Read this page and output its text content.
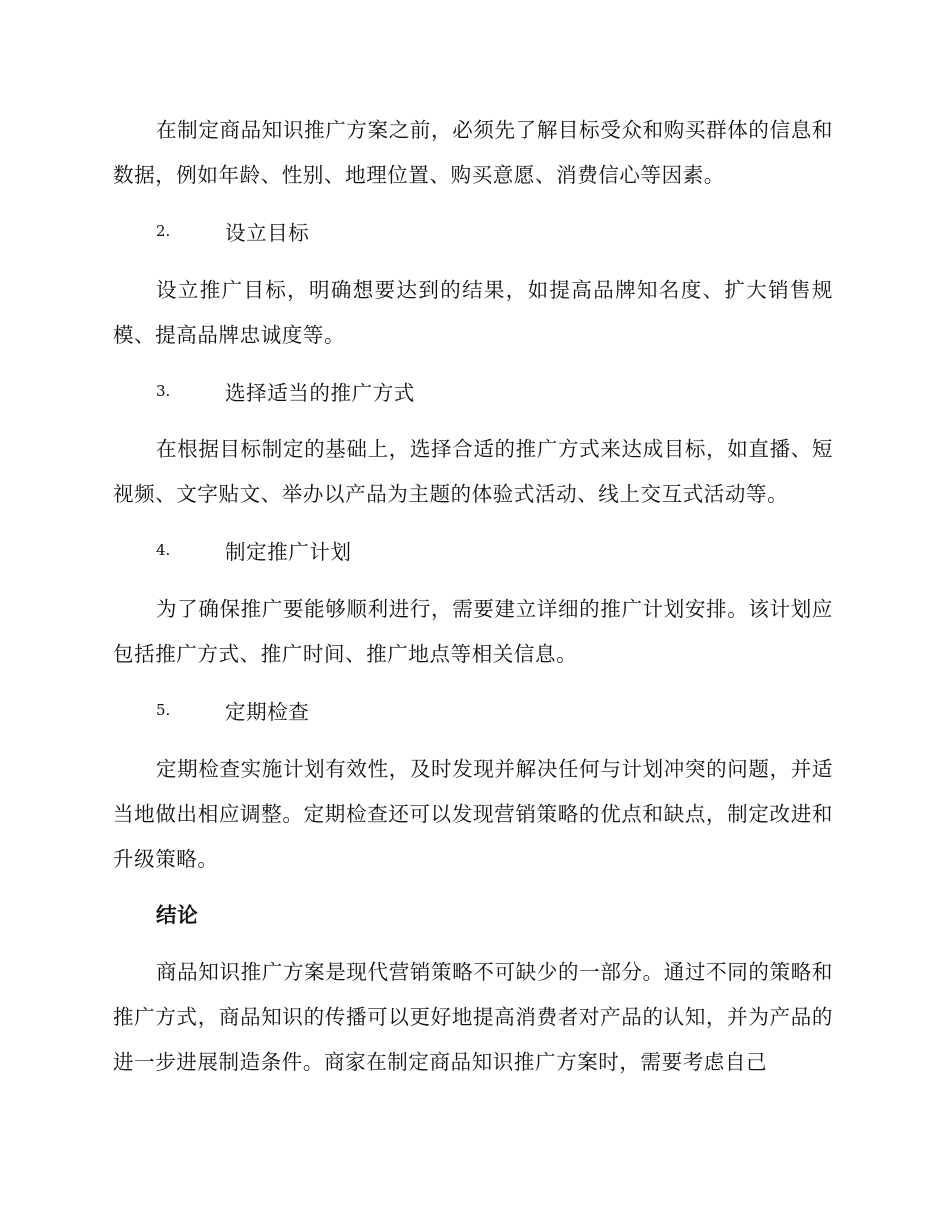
在制定商品知识推广方案之前，必须先了解目标受众和购买群体的信息和数据，例如年龄、性别、地理位置、购买意愿、消费信心等因素。

2.	设立目标

设立推广目标，明确想要达到的结果，如提高品牌知名度、扩大销售规模、提高品牌忠诚度等。

3.	选择适当的推广方式

在根据目标制定的基础上，选择合适的推广方式来达成目标，如直播、短视频、文字贴文、举办以产品为主题的体验式活动、线上交互式活动等。

4.	制定推广计划

为了确保推广要能够顺利进行，需要建立详细的推广计划安排。该计划应包括推广方式、推广时间、推广地点等相关信息。

5.	定期检查

定期检查实施计划有效性，及时发现并解决任何与计划冲突的问题，并适当地做出相应调整。定期检查还可以发现营销策略的优点和缺点，制定改进和升级策略。

结论

商品知识推广方案是现代营销策略不可缺少的一部分。通过不同的策略和推广方式，商品知识的传播可以更好地提高消费者对产品的认知，并为产品的进一步进展制造条件。商家在制定商品知识推广方案时，需要考虑自己
